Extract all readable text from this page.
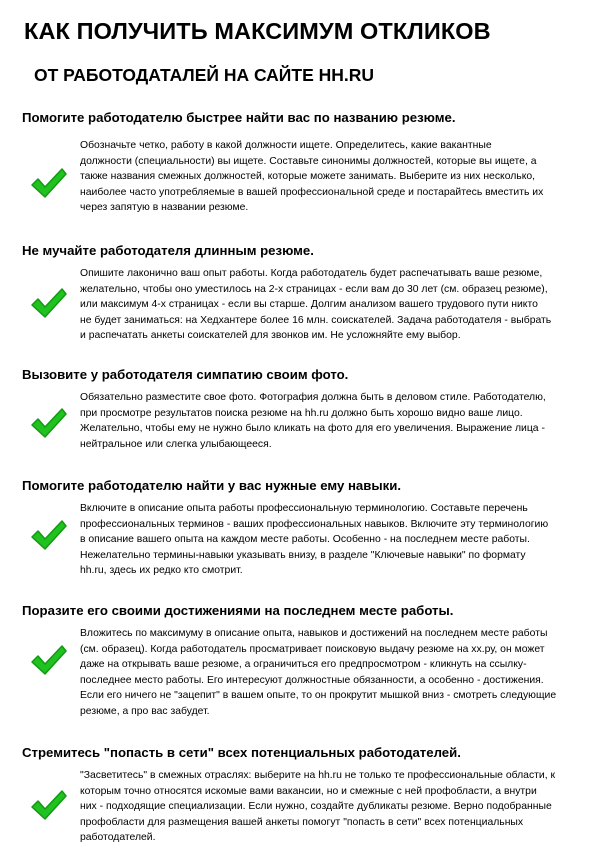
КАК ПОЛУЧИТЬ МАКСИМУМ ОТКЛИКОВ
ОТ РАБОТОДАТАЛЕЙ НА САЙТЕ HH.RU
Помогите работодателю быстрее найти вас по названию резюме.
Обозначьте четко, работу в какой должности ищете. Определитесь, какие вакантные
должности (специальности) вы ищете. Составьте синонимы должностей, которые вы ищете, а
также названия смежных должностей, которые можете занимать. Выберите из них несколько,
наиболее часто употребляемые в вашей профессиональной среде и постарайтесь вместить их
через запятую в названии резюме.
Не мучайте работодателя длинным резюме.
Опишите лаконично ваш опыт работы. Когда работодатель будет распечатывать ваше резюме,
желательно, чтобы оно уместилось на 2-х страницах - если вам до 30 лет (см. образец резюме),
или максимум 4-х страницах - если вы старше. Долгим анализом вашего трудового пути никто
не будет заниматься: на Хедхантере более 16 млн. соискателей. Задача работодателя - выбрать
и распечатать анкеты соискателей для звонков им. Не усложняйте ему выбор.
Вызовите у работодателя симпатию своим фото.
Обязательно разместите свое фото. Фотография должна быть в деловом стиле. Работодателю,
при просмотре результатов поиска резюме на hh.ru должно быть хорошо видно ваше лицо.
Желательно, чтобы ему не нужно было кликать на фото для его увеличения. Выражение лица -
нейтральное или слегка улыбающееся.
Помогите работодателю найти у вас нужные ему навыки.
Включите в описание опыта работы профессиональную терминологию. Составьте перечень
профессиональных терминов - ваших профессиональных навыков. Включите эту терминологию
в описание вашего опыта на каждом месте работы. Особенно - на последнем месте работы.
Нежелательно термины-навыки указывать внизу, в разделе "Ключевые навыки" по формату
hh.ru, здесь их редко кто смотрит.
Поразите его своими достижениями на последнем месте работы.
Вложитесь по максимуму в описание опыта, навыков и достижений на последнем месте работы
(см. образец). Когда работодатель просматривает поисковую выдачу резюме на хх.ру, он может
даже на открывать ваше резюме, а ограничиться его предпросмотром - кликнуть на ссылку-
последнее место работы. Его интересуют должностные обязанности, а особенно - достижения.
Если его ничего не "зацепит" в вашем опыте, то он прокрутит мышкой вниз - смотреть следующие
резюме, а про вас забудет.
Стремитесь "попасть в сети" всех потенциальных работодателей.
"Засветитесь" в смежных отраслях: выберите на hh.ru не только те профессиональные области, к
которым точно относятся искомые вами вакансии, но и смежные с ней профобласти, а внутри
них - подходящие специализации. Если нужно, создайте дубликаты резюме. Верно подобранные
профобласти для размещения вашей анкеты помогут "попасть в сети" всех потенциальных
работодателей.
